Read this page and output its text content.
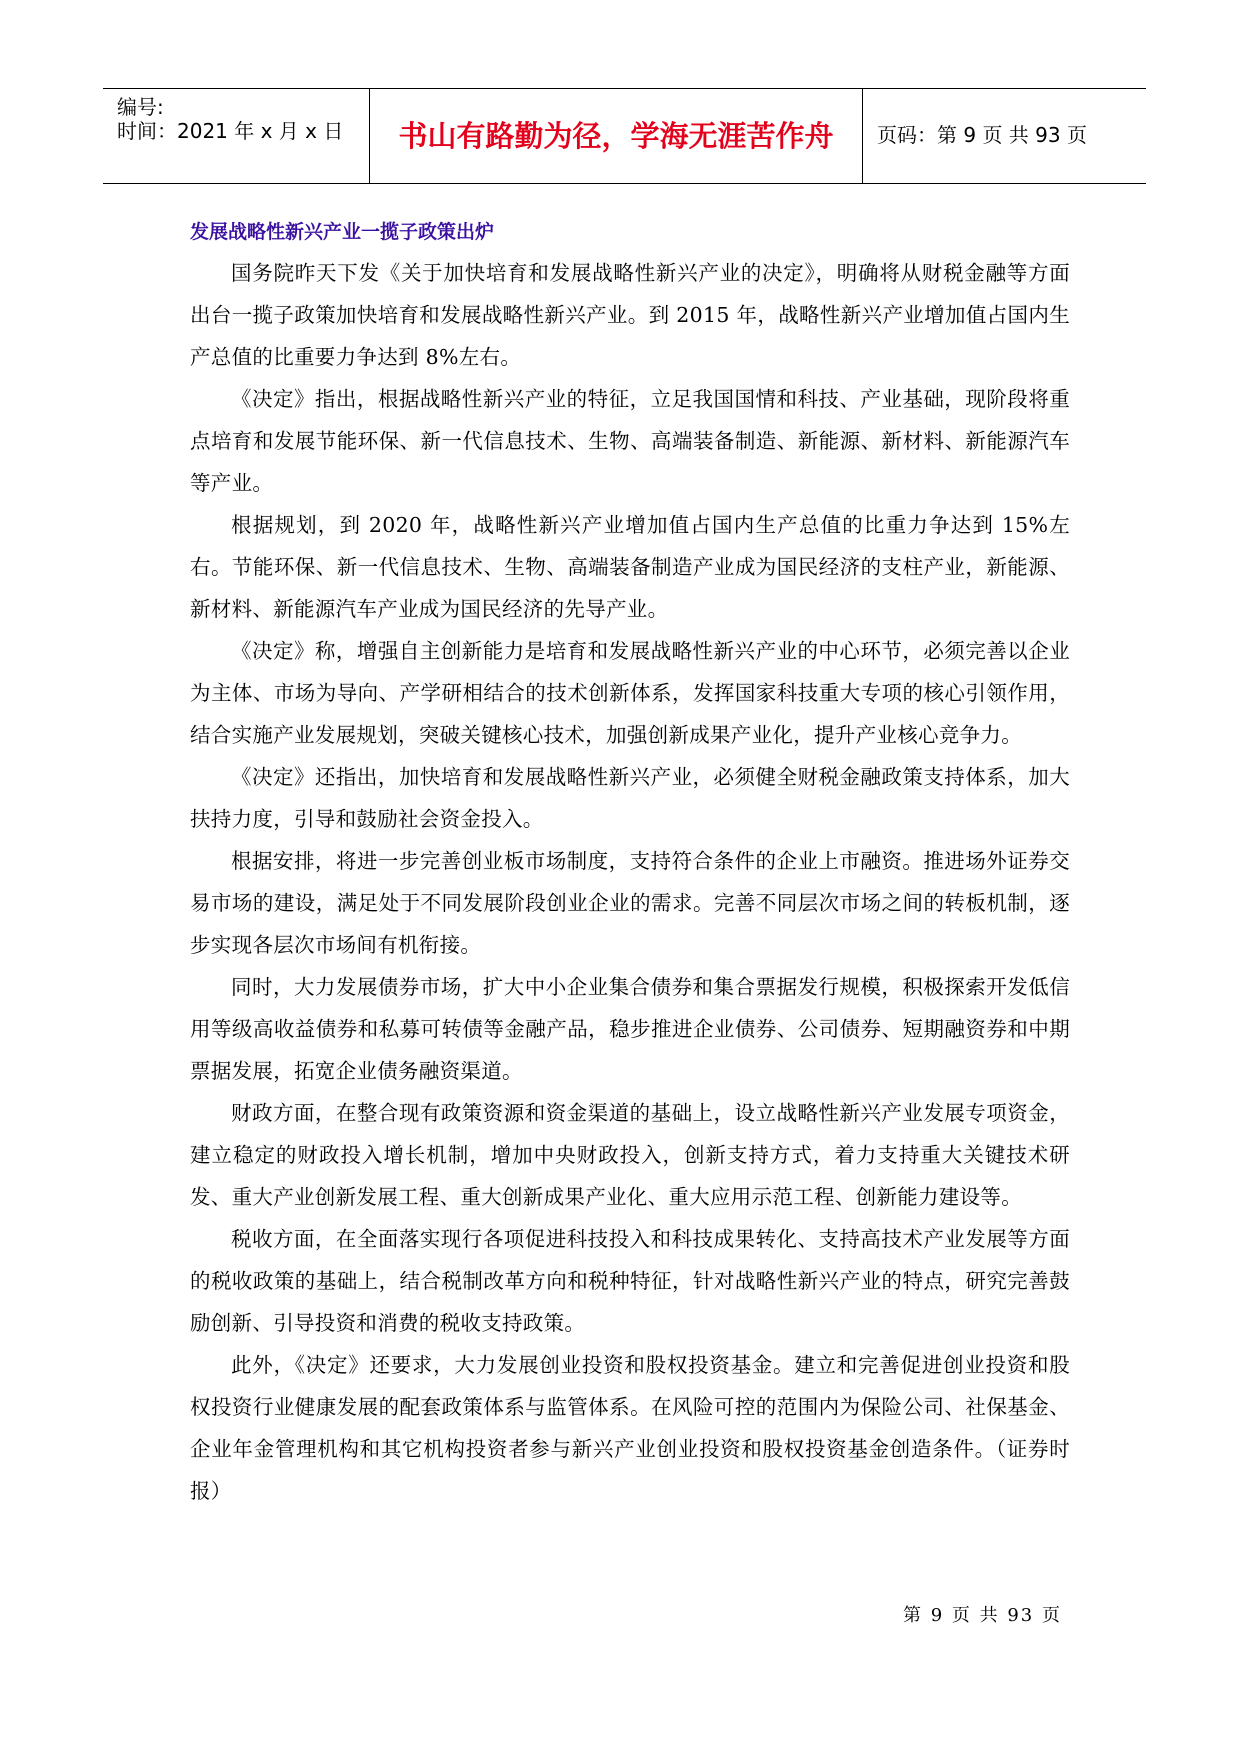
编号:
时间：2021 年 x 月 x 日	书山有路勤为径，学海无涯苦作舟	页码：第 9 页 共 93 页
发展战略性新兴产业一揽子政策出炉

国务院昨天下发《关于加快培育和发展战略性新兴产业的决定》，明确将从财税金融等方面出台一揽子政策加快培育和发展战略性新兴产业。到 2015 年，战略性新兴产业增加值占国内生产总值的比重要力争达到 8%左右。

《决定》指出，根据战略性新兴产业的特征，立足我国国情和科技、产业基础，现阶段将重点培育和发展节能环保、新一代信息技术、生物、高端装备制造、新能源、新材料、新能源汽车等产业。

根据规划，到 2020 年，战略性新兴产业增加值占国内生产总值的比重力争达到 15%左右。节能环保、新一代信息技术、生物、高端装备制造产业成为国民经济的支柱产业，新能源、新材料、新能源汽车产业成为国民经济的先导产业。

《决定》称，增强自主创新能力是培育和发展战略性新兴产业的中心环节，必须完善以企业为主体、市场为导向、产学研相结合的技术创新体系，发挥国家科技重大专项的核心引领作用，结合实施产业发展规划，突破关键核心技术，加强创新成果产业化，提升产业核心竞争力。

《决定》还指出，加快培育和发展战略性新兴产业，必须健全财税金融政策支持体系，加大扶持力度，引导和鼓励社会资金投入。

根据安排，将进一步完善创业板市场制度，支持符合条件的企业上市融资。推进场外证券交易市场的建设，满足处于不同发展阶段创业企业的需求。完善不同层次市场之间的转板机制，逐步实现各层次市场间有机衔接。

同时，大力发展债券市场，扩大中小企业集合债券和集合票据发行规模，积极探索开发低信用等级高收益债券和私募可转债等金融产品，稳步推进企业债券、公司债券、短期融资券和中期票据发展，拓宽企业债务融资渠道。

财政方面，在整合现有政策资源和资金渠道的基础上，设立战略性新兴产业发展专项资金，建立稳定的财政投入增长机制，增加中央财政投入，创新支持方式，着力支持重大关键技术研发、重大产业创新发展工程、重大创新成果产业化、重大应用示范工程、创新能力建设等。

税收方面，在全面落实现行各项促进科技投入和科技成果转化、支持高技术产业发展等方面的税收政策的基础上，结合税制改革方向和税种特征，针对战略性新兴产业的特点，研究完善鼓励创新、引导投资和消费的税收支持政策。

此外，《决定》还要求，大力发展创业投资和股权投资基金。建立和完善促进创业投资和股权投资行业健康发展的配套政策体系与监管体系。在风险可控的范围内为保险公司、社保基金、企业年金管理机构和其它机构投资者参与新兴产业创业投资和股权投资基金创造条件。（证券时报）

第 9 页 共 93 页
